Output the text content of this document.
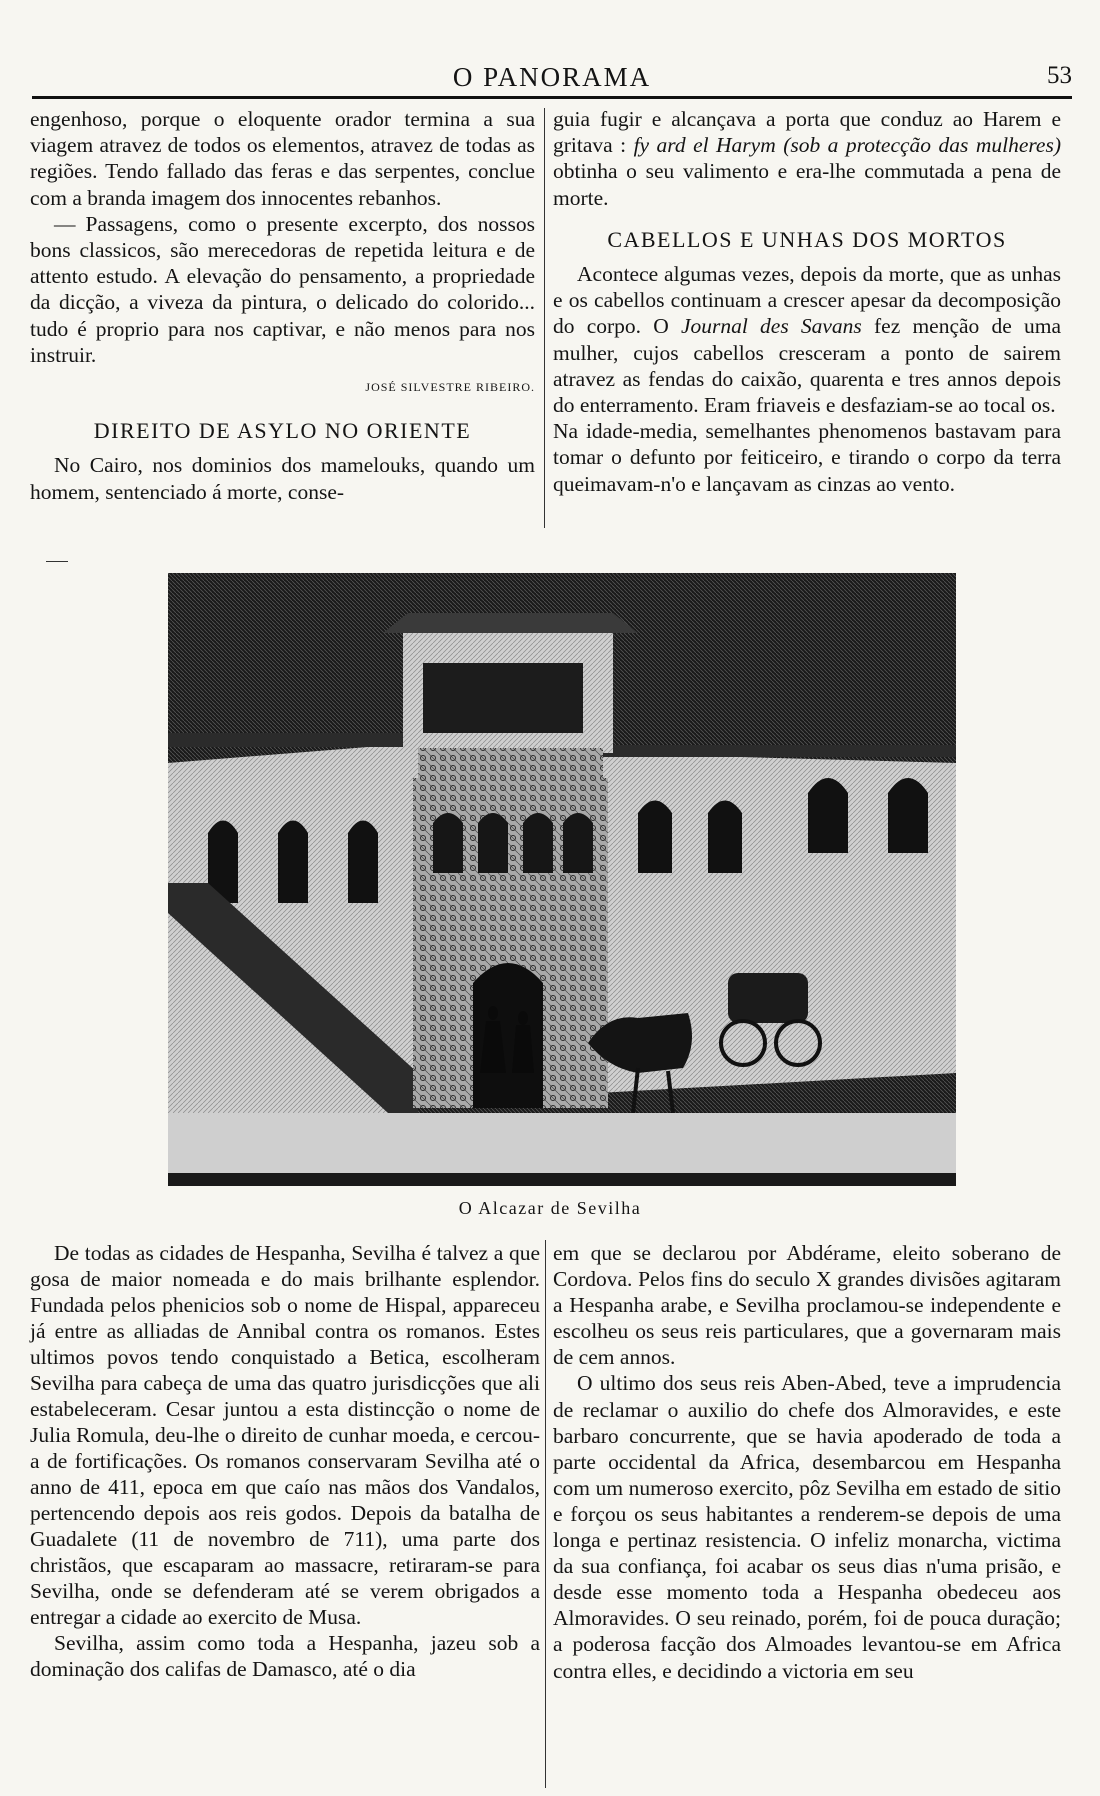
O PANORAMA	53

engenhoso, porque o eloquente orador termina a sua viagem atravez de todos os elementos, atravez de todas as regiões. Tendo fallado das feras e das serpentes, conclue com a branda imagem dos innocentes rebanhos.

— Passagens, como o presente excerpto, dos nossos bons classicos, são merecedoras de repetida leitura e de attento estudo. A elevação do pensamento, a propriedade da dicção, a viveza da pintura, o delicado do colorido... tudo é proprio para nos captivar, e não menos para nos instruir.

JOSÉ SILVESTRE RIBEIRO.
DIREITO DE ASYLO NO ORIENTE

No Cairo, nos dominios dos mamelouks, quando um homem, sentenciado á morte, conse-

guia fugir e alcançava a porta que conduz ao Harem e gritava : fy ard el Harym (sob a protecção das mulheres) obtinha o seu valimento e era-lhe commutada a pena de morte.

CABELLOS E UNHAS DOS MORTOS

Acontece algumas vezes, depois da morte, que as unhas e os cabellos continuam a crescer apesar da decomposição do corpo. O Journal des Savans fez menção de uma mulher, cujos cabellos cresceram a ponto de sairem atravez as fendas do caixão, quarenta e tres annos depois do enterramento. Eram friaveis e desfaziam-se ao tocal os.

Na idade-media, semelhantes phenomenos bastavam para tomar o defunto por feiticeiro, e tirando o corpo da terra queimavam-n'o e lançavam as cinzas ao vento.

O Alcazar de Sevilha

De todas as cidades de Hespanha, Sevilha é talvez a que gosa de maior nomeada e do mais brilhante esplendor. Fundada pelos phenicios sob o nome de Hispal, appareceu já entre as alliadas de Annibal contra os romanos. Estes ultimos povos tendo conquistado a Betica, escolheram Sevilha para cabeça de uma das quatro jurisdicções que ali estabeleceram. Cesar juntou a esta distincção o nome de Julia Romula, deu-lhe o direito de cunhar moeda, e cercou-a de fortificações. Os romanos conservaram Sevilha até o anno de 411, epoca em que caío nas mãos dos Vandalos, pertencendo depois aos reis godos. Depois da batalha de Guadalete (11 de novembro de 711), uma parte dos christãos, que escaparam ao massacre, retiraram-se para Sevilha, onde se defenderam até se verem obrigados a entregar a cidade ao exercito de Musa.

Sevilha, assim como toda a Hespanha, jazeu sob a dominação dos califas de Damasco, até o dia

em que se declarou por Abdérame, eleito soberano de Cordova. Pelos fins do seculo X grandes divisões agitaram a Hespanha arabe, e Sevilha proclamou-se independente e escolheu os seus reis particulares, que a governaram mais de cem annos.

O ultimo dos seus reis Aben-Abed, teve a imprudencia de reclamar o auxilio do chefe dos Almoravides, e este barbaro concurrente, que se havia apoderado de toda a parte occidental da Africa, desembarcou em Hespanha com um numeroso exercito, pôz Sevilha em estado de sitio e forçou os seus habitantes a renderem-se depois de uma longa e pertinaz resistencia. O infeliz monarcha, victima da sua confiança, foi acabar os seus dias n'uma prisão, e desde esse momento toda a Hespanha obedeceu aos Almoravides. O seu reinado, porém, foi de pouca duração; a poderosa facção dos Almoades levantou-se em Africa contra elles, e decidindo a victoria em seu
